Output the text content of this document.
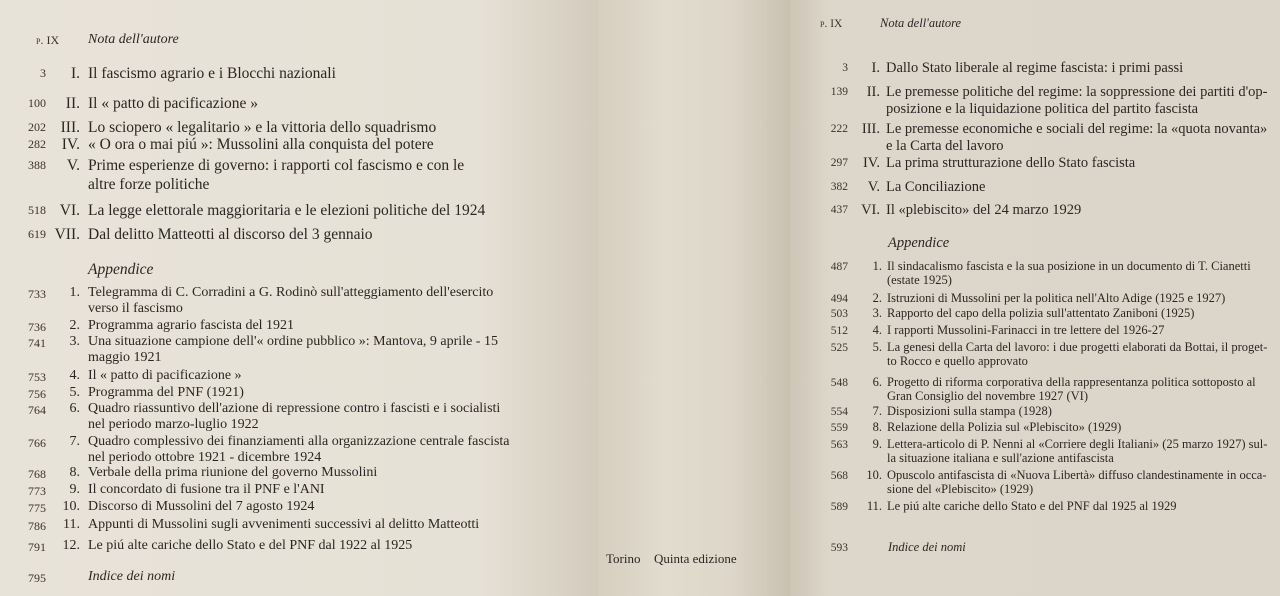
p. IX Nota dell'autore
3	I. Il fascismo agrario e i Blocchi nazionali
100	II. Il « patto di pacificazione »
202 III. Lo sciopero « legalitario » e la vittoria dello squadrismo
282	IV. « O ora o mai piú »: Mussolini alla conquista del potere
388	V. Prime esperienze di governo: i rapporti col fascismo e con le
altre forze politiche
518 VI. La legge elettorale maggioritaria e le elezioni politiche del 1924
619 VII. Dal delitto Matteotti al discorso del 3 gennaio
Appendice
733	1. Telegramma di C. Corradini a G. Rodinò sull'atteggiamento dell'esercito
verso il fascismo
736	2. Programma agrario fascista del 1921
741	3. Una situazione campione dell'« ordine pubblico »: Mantova, 9 aprile - 15
maggio 1921
753	4. Il « patto di pacificazione »
756	5. Programma del PNF (1921)
764	6. Quadro riassuntivo dell'azione di repressione contro i fascisti e i socialisti
nel periodo marzo-luglio 1922
766	7. Quadro complessivo dei finanziamenti alla organizzazione centrale fascista
nel periodo ottobre 1921 - dicembre 1924
768	8. Verbale della prima riunione del governo Mussolini
773	9. Il concordato di fusione tra il PNF e l'ANI
775	10. Discorso di Mussolini del 7 agosto 1924
786	11. Appunti di Mussolini sugli avvenimenti successivi al delitto Matteotti
791	12. Le piú alte cariche dello Stato e del PNF dal 1922 al 1925
795	Indice dei nomi
Torino Quinta edizione
p. IX	Nota dell'autore
3	I. Dallo Stato liberale al regime fascista: i primi passi
139	II. Le premesse politiche del regime: la soppressione dei partiti d'op-
posizione e la liquidazione politica del partito fascista
222 III. Le premesse economiche e sociali del regime: la «quota novanta»
e la Carta del lavoro
297	IV. La prima strutturazione dello Stato fascista
382	V. La Conciliazione
437 VI. Il «plebiscito» del 24 marzo 1929
Appendice
487	1. Il sindacalismo fascista e la sua posizione in un documento di T. Cianetti
(estate 1925)
494	2. Istruzioni di Mussolini per la politica nell'Alto Adige (1925 e 1927)
503	3. Rapporto del capo della polizia sull'attentato Zaniboni (1925)
512	4. I rapporti Mussolini-Farinacci in tre lettere del 1926-27
525	5. La genesi della Carta del lavoro: i due progetti elaborati da Bottai, il proget-
to Rocco e quello approvato
548	6. Progetto di riforma corporativa della rappresentanza politica sottoposto al
Gran Consiglio del novembre 1927 (VI)
554	7. Disposizioni sulla stampa (1928)
559	8. Relazione della Polizia sul «Plebiscito» (1929)
563	9. Lettera-articolo di P. Nenni al «Corriere degli Italiani» (25 marzo 1927) sul-
la situazione italiana e sull'azione antifascista
568	10. Opuscolo antifascista di «Nuova Libertà» diffuso clandestinamente in occa-
sione del «Plebiscito» (1929)
589	11. Le piú alte cariche dello Stato e del PNF dal 1925 al 1929
593	Indice dei nomi
